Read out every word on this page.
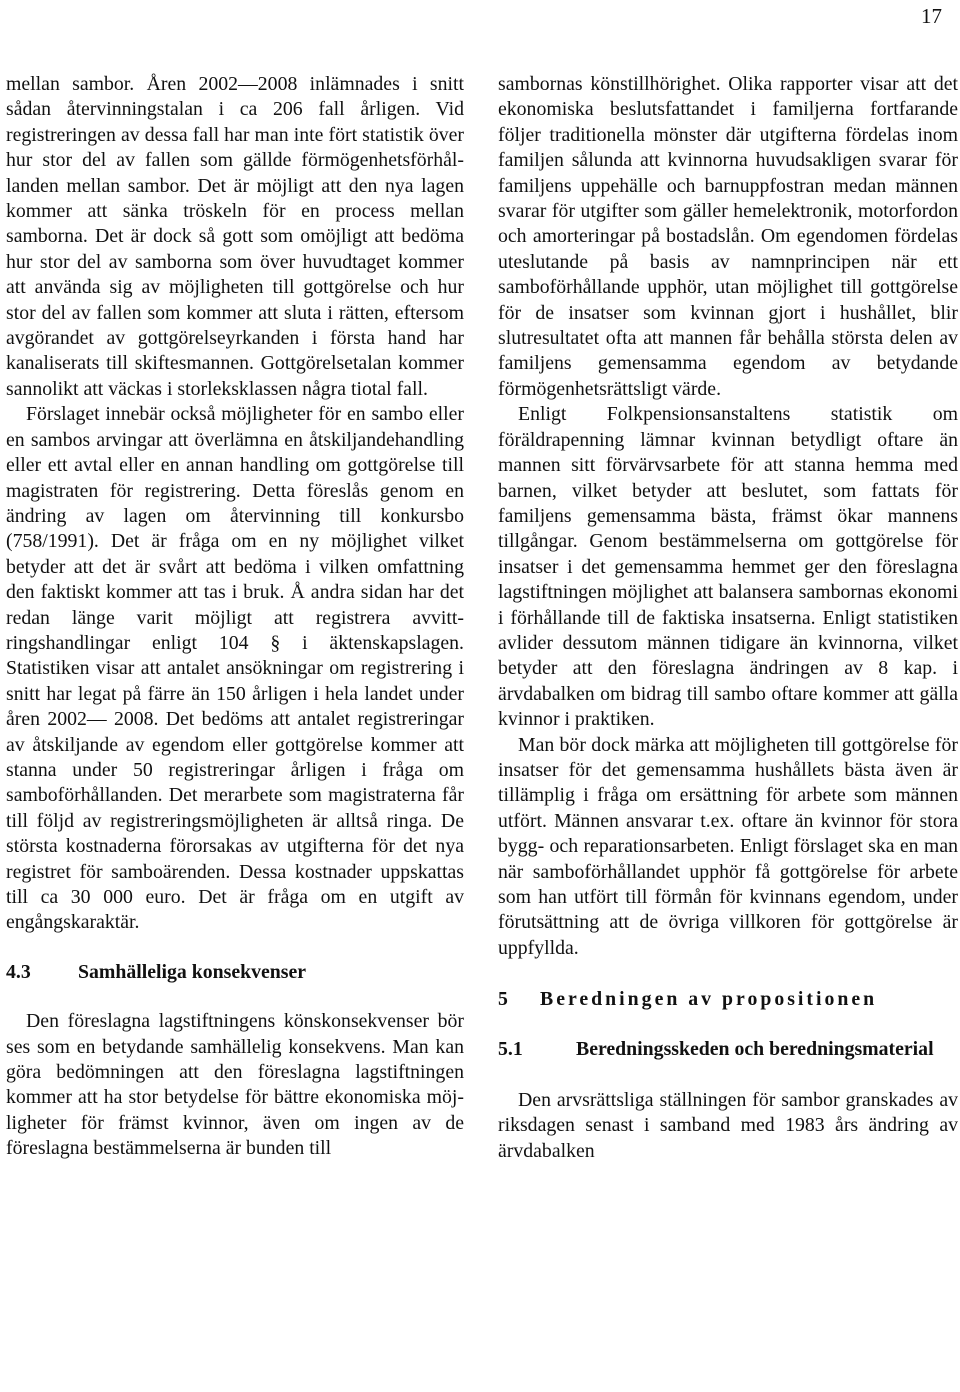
17

mellan sambor. Åren 2002—2008 inlämnades i snitt sådan återvinningstalan i ca 206 fall årligen. Vid registreringen av dessa fall har man inte fört statistik över hur stor del av fallen som gällde förmögenhetsförhållanden mellan sambor. Det är möjligt att den nya lagen kommer att sänka tröskeln för en process mellan samborna. Det är dock så gott som omöjligt att bedöma hur stor del av samborna som över huvudtaget kommer att använda sig av möjligheten till gottgörelse och hur stor del av fallen som kommer att sluta i rätten, eftersom avgörandet av gottgörelseyrkanden i första hand har kanaliserats till skiftesmannen. Gottgörelsetalan kommer sannolikt att väckas i storleksklassen några tiotal fall.

Förslaget innebär också möjligheter för en sambo eller en sambos arvingar att överlämna en åtskiljandehandling eller ett avtal eller en annan handling om gottgörelse till magistraten för registrering. Detta föreslås genom en ändring av lagen om återvinning till konkursbo (758/1991). Det är fråga om en ny möjlighet vilket betyder att det är svårt att bedöma i vilken omfattning den faktiskt kommer att tas i bruk. Å andra sidan har det redan länge varit möjligt att registrera avvittringshandlingar enligt 104 § i äktenskapslagen. Statistiken visar att antalet ansökningar om registrering i snitt har legat på färre än 150 årligen i hela landet under åren 2002— 2008. Det bedöms att antalet registreringar av åtskiljande av egendom eller gottgörelse kommer att stanna under 50 registreringar årligen i fråga om samboförhållanden. Det merarbete som magistraterna får till följd av registreringsmöjligheten är alltså ringa. De största kostnaderna förorsakas av utgifterna för det nya registret för samboärenden. Dessa kostnader uppskattas till ca 30 000 euro. Det är fråga om en utgift av engångskaraktär.

4.3	Samhälleliga konsekvenser

Den föreslagna lagstiftningens könskonsekvenser bör ses som en betydande samhällelig konsekvens. Man kan göra bedömningen att den föreslagna lagstiftningen kommer att ha stor betydelse för bättre ekonomiska möjligheter för främst kvinnor, även om ingen av de föreslagna bestämmelserna är bunden till

sambornas könstillhörighet. Olika rapporter visar att det ekonomiska beslutsfattandet i familjerna fortfarande följer traditionella mönster där utgifterna fördelas inom familjen sålunda att kvinnorna huvudsakligen svarar för familjens uppehälle och barnuppfostran medan männen svarar för utgifter som gäller hemelektronik, motorfordon och amorteringar på bostadslån. Om egendomen fördelas uteslutande på basis av namnprincipen när ett samboförhållande upphör, utan möjlighet till gottgörelse för de insatser som kvinnan gjort i hushållet, blir slutresultatet ofta att mannen får behålla största delen av familjens gemensamma egendom av betydande förmögenhetsrättsligt värde.

Enligt Folkpensionsanstaltens statistik om föräldrapenning lämnar kvinnan betydligt oftare än mannen sitt förvärvsarbete för att stanna hemma med barnen, vilket betyder att beslutet, som fattats för familjens gemensamma bästa, främst ökar mannens tillgångar. Genom bestämmelserna om gottgörelse för insatser i det gemensamma hemmet ger den föreslagna lagstiftningen möjlighet att balansera sambornas ekonomi i förhållande till de faktiska insatserna. Enligt statistiken avlider dessutom männen tidigare än kvinnorna, vilket betyder att den föreslagna ändringen av 8 kap. i ärvdabalken om bidrag till sambo oftare kommer att gälla kvinnor i praktiken.

Man bör dock märka att möjligheten till gottgörelse för insatser för det gemensamma hushållets bästa även är tillämplig i fråga om ersättning för arbete som männen utfört. Männen ansvarar t.ex. oftare än kvinnor för stora bygg- och reparationsarbeten. Enligt förslaget ska en man när samboförhållandet upphör få gottgörelse för arbete som han utfört till förmån för kvinnans egendom, under förutsättning att de övriga villkoren för gottgörelse är uppfyllda.

5	Beredningen av propositionen
5.1	Beredningsskeden och beredningsmaterial

Den arvsrättsliga ställningen för sambor granskades av riksdagen senast i samband med 1983 års ändring av ärvdabalken
